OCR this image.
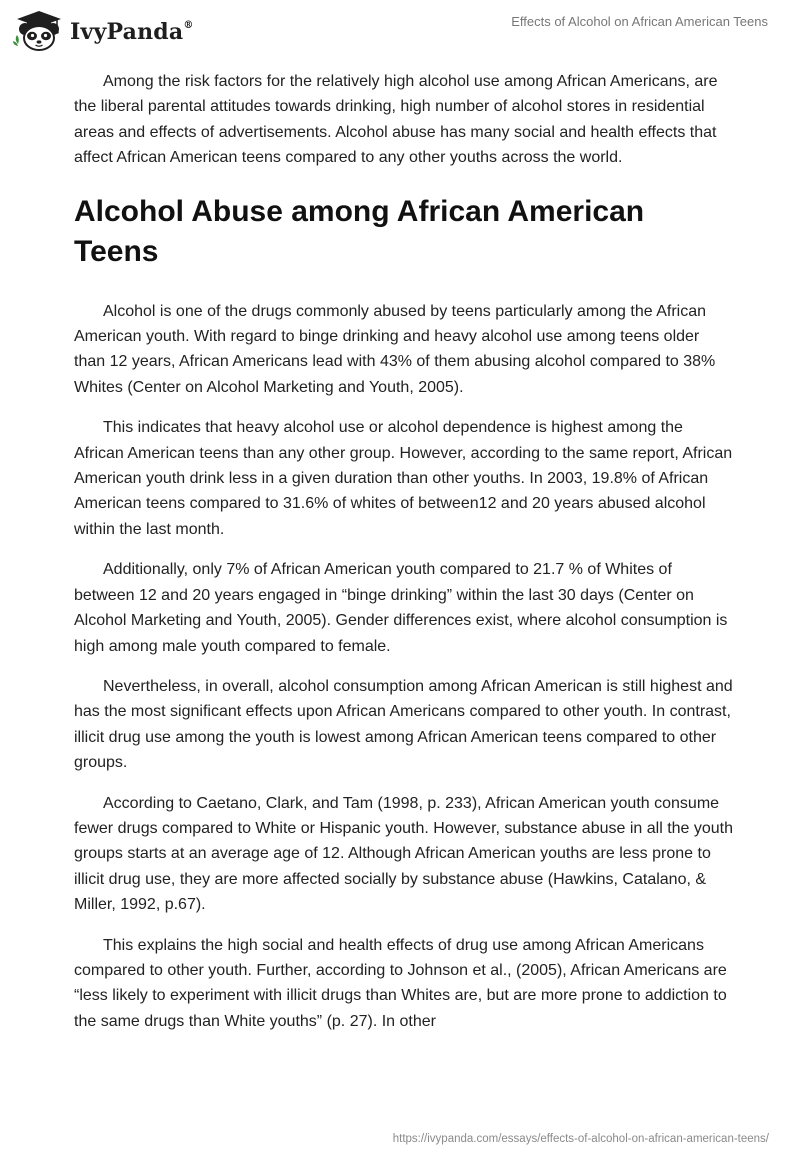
IvyPanda®	Effects of Alcohol on African American Teens

Among the risk factors for the relatively high alcohol use among African Americans, are the liberal parental attitudes towards drinking, high number of alcohol stores in residential areas and effects of advertisements. Alcohol abuse has many social and health effects that affect African American teens compared to any other youths across the world.

Alcohol Abuse among African American Teens

Alcohol is one of the drugs commonly abused by teens particularly among the African American youth. With regard to binge drinking and heavy alcohol use among teens older than 12 years, African Americans lead with 43% of them abusing alcohol compared to 38% Whites (Center on Alcohol Marketing and Youth, 2005).

This indicates that heavy alcohol use or alcohol dependence is highest among the African American teens than any other group. However, according to the same report, African American youth drink less in a given duration than other youths. In 2003, 19.8% of African American teens compared to 31.6% of whites of between12 and 20 years abused alcohol within the last month.

Additionally, only 7% of African American youth compared to 21.7 % of Whites of between 12 and 20 years engaged in “binge drinking” within the last 30 days (Center on Alcohol Marketing and Youth, 2005). Gender differences exist, where alcohol consumption is high among male youth compared to female.

Nevertheless, in overall, alcohol consumption among African American is still highest and has the most significant effects upon African Americans compared to other youth. In contrast, illicit drug use among the youth is lowest among African American teens compared to other groups.

According to Caetano, Clark, and Tam (1998, p. 233), African American youth consume fewer drugs compared to White or Hispanic youth. However, substance abuse in all the youth groups starts at an average age of 12. Although African American youths are less prone to illicit drug use, they are more affected socially by substance abuse (Hawkins, Catalano, & Miller, 1992, p.67).

This explains the high social and health effects of drug use among African Americans compared to other youth. Further, according to Johnson et al., (2005), African Americans are “less likely to experiment with illicit drugs than Whites are, but are more prone to addiction to the same drugs than White youths” (p. 27). In other

https://ivypanda.com/essays/effects-of-alcohol-on-african-american-teens/
